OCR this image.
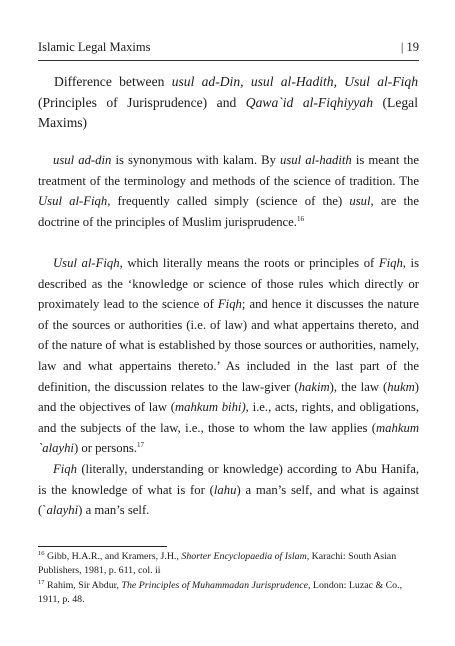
Islamic Legal Maxims	| 19
Difference between usul ad-Din, usul al-Hadith, Usul al-Fiqh (Principles of Jurisprudence) and Qawa`id al-Fiqhiyyah (Legal Maxims)

usul ad-din is synonymous with kalam. By usul al-hadith is meant the treatment of the terminology and methods of the science of tradition. The Usul al-Fiqh, frequently called simply (science of the) usul, are the doctrine of the principles of Muslim jurisprudence.$^{16}$

Usul al-Fiqh, which literally means the roots or principles of Fiqh, is described as the ‘knowledge or science of those rules which directly or proximately lead to the science of Fiqh; and hence it discusses the nature of the sources or authorities (i.e. of law) and what appertains thereto, and of the nature of what is established by those sources or authorities, namely, law and what appertains thereto.’ As included in the last part of the definition, the discussion relates to the law-giver (hakim), the law (hukm) and the objectives of law (mahkum bihi), i.e., acts, rights, and obligations, and the subjects of the law, i.e., those to whom the law applies (mahkum `alayhi) or persons.$^{17}$

Fiqh (literally, understanding or knowledge) according to Abu Hanifa, is the knowledge of what is for (lahu) a man’s self, and what is against (`alayhi) a man’s self.

$^{16}$ Gibb, H.A.R., and Kramers, J.H., Shorter Encyclopaedia of Islam, Karachi: South Asian Publishers, 1981, p. 611, col. ii

$^{17}$ Rahim, Sir Abdur, The Principles of Muhammadan Jurisprudence, London: Luzac & Co., 1911, p. 48.
